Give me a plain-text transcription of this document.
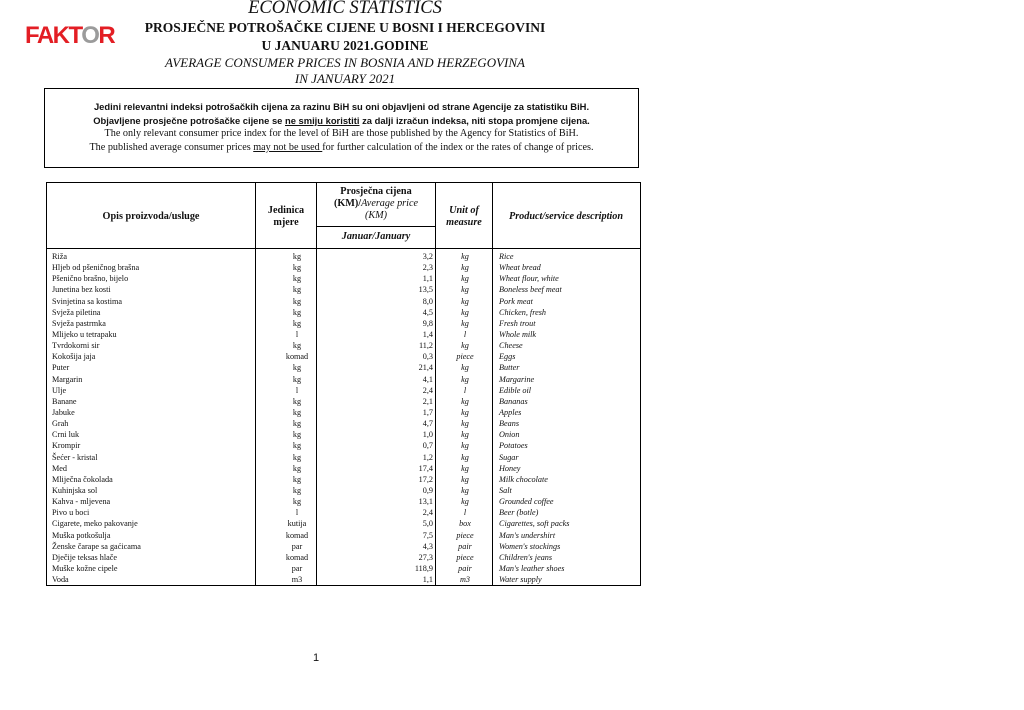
FAKTOR
ECONOMIC STATISTICS
PROSJEČNE POTROŠAČKE CIJENE U BOSNI I HERCEGOVINI
U JANUARU 2021.GODINE
AVERAGE CONSUMER PRICES IN BOSNIA AND HERZEGOVINA
IN JANUARY 2021
Jedini relevantni indeksi potrošačkih cijena za razinu BiH su oni objavljeni od strane Agencije za statistiku BiH.
Objavljene prosječne potrošačke cijene se ne smiju koristiti za dalji izračun indeksa, niti stopa promjene cijena.
The only relevant consumer price index for the level of BiH are those published by the Agency for Statistics of BiH.
The published average consumer prices may not be used for further calculation of the index or the rates of change of prices.
Opis proizvoda/usluge
Jedinica
mjere
Prosječna cijena
(KM)/Average price
(KM)
Januar/January
Unit of
measure
Product/service description
Riža	kg	3,2	kg	Rice
Hljeb od pšeničnog brašna	kg	2,3	kg	Wheat bread
Pšenično brašno, bijelo	kg	1,1	kg	Wheat flour, white
Junetina bez kosti	kg	13,5	kg	Boneless beef meat
Svinjetina sa kostima	kg	8,0	kg	Pork meat
Svježa piletina	kg	4,5	kg	Chicken, fresh
Svježa pastrmka	kg	9,8	kg	Fresh trout
Mlijeko u tetrapaku	l	1,4	l	Whole milk
Tvrdokorni sir	kg	11,2	kg	Cheese
Kokošija jaja	komad	0,3	piece	Eggs
Puter	kg	21,4	kg	Butter
Margarin	kg	4,1	kg	Margarine
Ulje	l	2,4	l	Edible oil
Banane	kg	2,1	kg	Bananas
Jabuke	kg	1,7	kg	Apples
Grah	kg	4,7	kg	Beans
Crni luk	kg	1,0	kg	Onion
Krompir	kg	0,7	kg	Potatoes
Šećer - kristal	kg	1,2	kg	Sugar
Med	kg	17,4	kg	Honey
Mliječna čokolada	kg	17,2	kg	Milk chocolate
Kuhinjska sol	kg	0,9	kg	Salt
Kahva - mljevena	kg	13,1	kg	Grounded coffee
Pivo u boci	l	2,4	l	Beer (botle)
Cigarete, meko pakovanje	kutija	5,0	box	Cigarettes, soft packs
Muška potkošulja	komad	7,5	piece	Man's undershirt
Ženske čarape sa gaćicama	par	4,3	pair	Women's stockings
Dječije teksas hlače	komad	27,3	piece	Children's jeans
Muške kožne cipele	par	118,9	pair	Man's leather shoes
Voda	m3	1,1	m3	Water supply
1
